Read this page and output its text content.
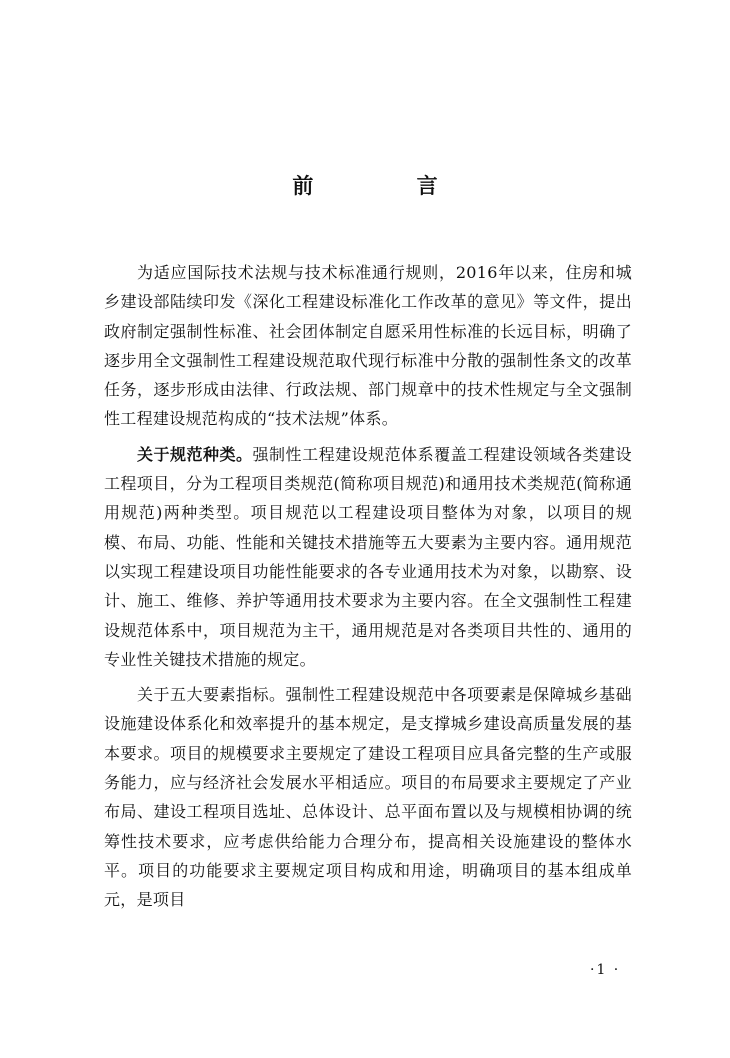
前 言

为适应国际技术法规与技术标准通行规则，2016年以来，住房和城乡建设部陆续印发《深化工程建设标准化工作改革的意见》等文件，提出政府制定强制性标准、社会团体制定自愿采用性标准的长远目标，明确了逐步用全文强制性工程建设规范取代现行标准中分散的强制性条文的改革任务，逐步形成由法律、行政法规、部门规章中的技术性规定与全文强制性工程建设规范构成的“技术法规”体系。

关于规范种类。强制性工程建设规范体系覆盖工程建设领域各类建设工程项目，分为工程项目类规范(简称项目规范)和通用技术类规范(简称通用规范)两种类型。项目规范以工程建设项目整体为对象，以项目的规模、布局、功能、性能和关键技术措施等五大要素为主要内容。通用规范以实现工程建设项目功能性能要求的各专业通用技术为对象，以勘察、设计、施工、维修、养护等通用技术要求为主要内容。在全文强制性工程建设规范体系中，项目规范为主干，通用规范是对各类项目共性的、通用的专业性关键技术措施的规定。

关于五大要素指标。强制性工程建设规范中各项要素是保障城乡基础设施建设体系化和效率提升的基本规定，是支撑城乡建设高质量发展的基本要求。项目的规模要求主要规定了建设工程项目应具备完整的生产或服务能力，应与经济社会发展水平相适应。项目的布局要求主要规定了产业布局、建设工程项目选址、总体设计、总平面布置以及与规模相协调的统筹性技术要求，应考虑供给能力合理分布，提高相关设施建设的整体水平。项目的功能要求主要规定项目构成和用途，明确项目的基本组成单元，是项目

·1 ·
